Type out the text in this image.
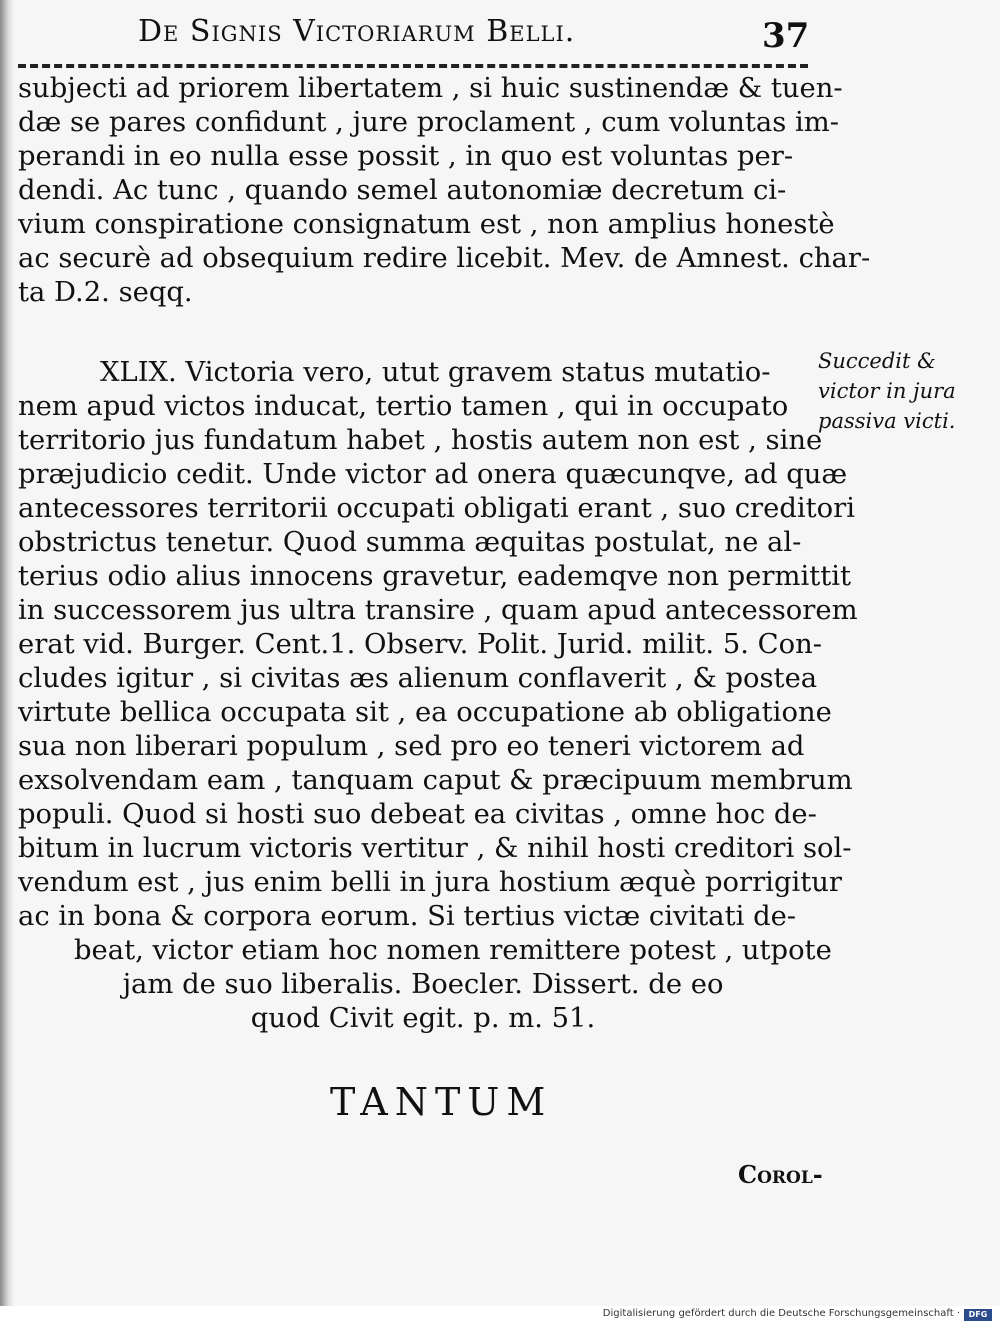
De Signis Victoriarum Belli.	37
subjecti ad priorem libertatem , si huic sustinendæ & tuen-
dæ se pares confidunt , jure proclament , cum voluntas im-
perandi in eo nulla esse possit , in quo est voluntas per-
dendi. Ac tunc , quando semel autonomiæ decretum ci-
vium conspiratione consignatum est , non amplius honestè
ac securè ad obsequium redire licebit. Mev. de Amnest. char-
ta D.2. seqq.
XLIX. Victoria vero, utut gravem status mutatio-
nem apud victos inducat, tertio tamen , qui in occupato
territorio jus fundatum habet , hostis autem non est , sine
præjudicio cedit. Unde victor ad onera quæcunqve, ad quæ
antecessores territorii occupati obligati erant , suo creditori
obstrictus tenetur. Quod summa æquitas postulat, ne al-
terius odio alius innocens gravetur, eademqve non permittit
in successorem jus ultra transire , quam apud antecessorem
erat vid. Burger. Cent.1. Observ. Polit. Jurid. milit. 5. Con-
cludes igitur , si civitas æs alienum conflaverit , & postea
virtute bellica occupata sit , ea occupatione ab obligatione
sua non liberari populum , sed pro eo teneri victorem ad
exsolvendam eam , tanquam caput & præcipuum membrum
populi. Quod si hosti suo debeat ea civitas , omne hoc de-
bitum in lucrum victoris vertitur , & nihil hosti creditori sol-
vendum est , jus enim belli in jura hostium æquè porrigitur
ac in bona & corpora eorum. Si tertius victæ civitati de-
beat, victor etiam hoc nomen remittere potest , utpote
jam de suo liberalis. Boecler. Dissert. de eo
quod Civit egit. p. m. 51.
Succedit &
victor in jura
passiva victi.
TANTUM
Corol-
Digitalisierung gefördert durch die Deutsche Forschungsgemeinschaft ·	DFG
